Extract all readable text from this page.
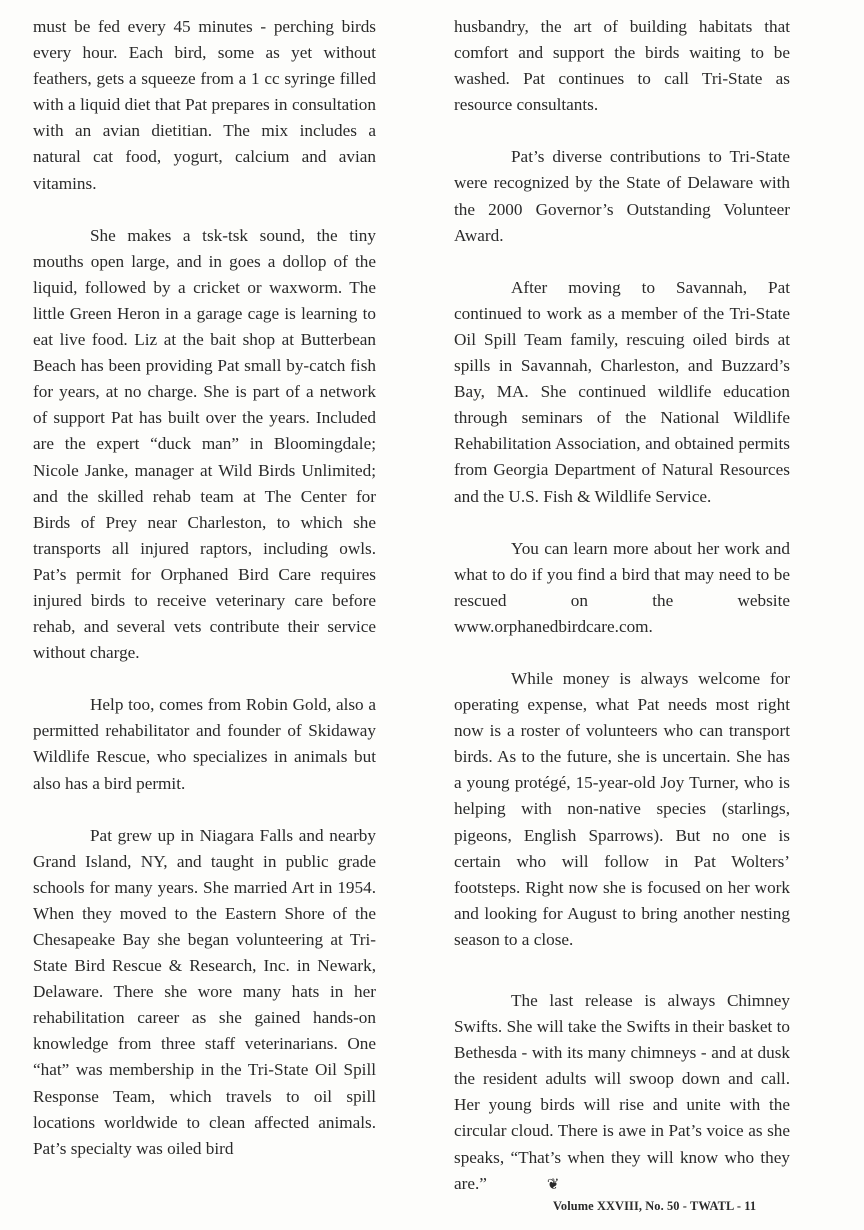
must be fed every 45 minutes - perching birds every hour. Each bird, some as yet without feathers, gets a squeeze from a 1 cc syringe filled with a liquid diet that Pat prepares in consultation with an avian dietitian. The mix includes a natural cat food, yogurt, calcium and avian vitamins.

She makes a tsk-tsk sound, the tiny mouths open large, and in goes a dollop of the liquid, followed by a cricket or waxworm. The little Green Heron in a garage cage is learning to eat live food. Liz at the bait shop at Butterbean Beach has been providing Pat small by-catch fish for years, at no charge. She is part of a network of support Pat has built over the years. Included are the expert “duck man” in Bloomingdale; Nicole Janke, manager at Wild Birds Unlimited; and the skilled rehab team at The Center for Birds of Prey near Charleston, to which she transports all injured raptors, including owls. Pat’s permit for Orphaned Bird Care requires injured birds to receive veterinary care before rehab, and several vets contribute their service without charge.

Help too, comes from Robin Gold, also a permitted rehabilitator and founder of Skidaway Wildlife Rescue, who specializes in animals but also has a bird permit.

Pat grew up in Niagara Falls and nearby Grand Island, NY, and taught in public grade schools for many years. She married Art in 1954. When they moved to the Eastern Shore of the Chesapeake Bay she began volunteering at Tri-State Bird Rescue & Research, Inc. in Newark, Delaware. There she wore many hats in her rehabilitation career as she gained hands-on knowledge from three staff veterinarians. One “hat” was membership in the Tri-State Oil Spill Response Team, which travels to oil spill locations worldwide to clean affected animals. Pat’s specialty was oiled bird

husbandry, the art of building habitats that comfort and support the birds waiting to be washed. Pat continues to call Tri-State as resource consultants.

Pat’s diverse contributions to Tri-State were recognized by the State of Delaware with the 2000 Governor’s Outstanding Volunteer Award.

After moving to Savannah, Pat continued to work as a member of the Tri-State Oil Spill Team family, rescuing oiled birds at spills in Savannah, Charleston, and Buzzard’s Bay, MA. She continued wildlife education through seminars of the National Wildlife Rehabilitation Association, and obtained permits from Georgia Department of Natural Resources and the U.S. Fish & Wildlife Service.

You can learn more about her work and what to do if you find a bird that may need to be rescued on the website www.orphanedbirdcare.com.

While money is always welcome for operating expense, what Pat needs most right now is a roster of volunteers who can transport birds. As to the future, she is uncertain. She has a young protégé, 15-year-old Joy Turner, who is helping with non-native species (starlings, pigeons, English Sparrows). But no one is certain who will follow in Pat Wolters’ footsteps. Right now she is focused on her work and looking for August to bring another nesting season to a close.

The last release is always Chimney Swifts. She will take the Swifts in their basket to Bethesda - with its many chimneys - and at dusk the resident adults will swoop down and call. Her young birds will rise and unite with the circular cloud. There is awe in Pat’s voice as she speaks, “That’s when they will know who they are.”	❦

Volume XXVIII, No. 50 - TWATL - 11
